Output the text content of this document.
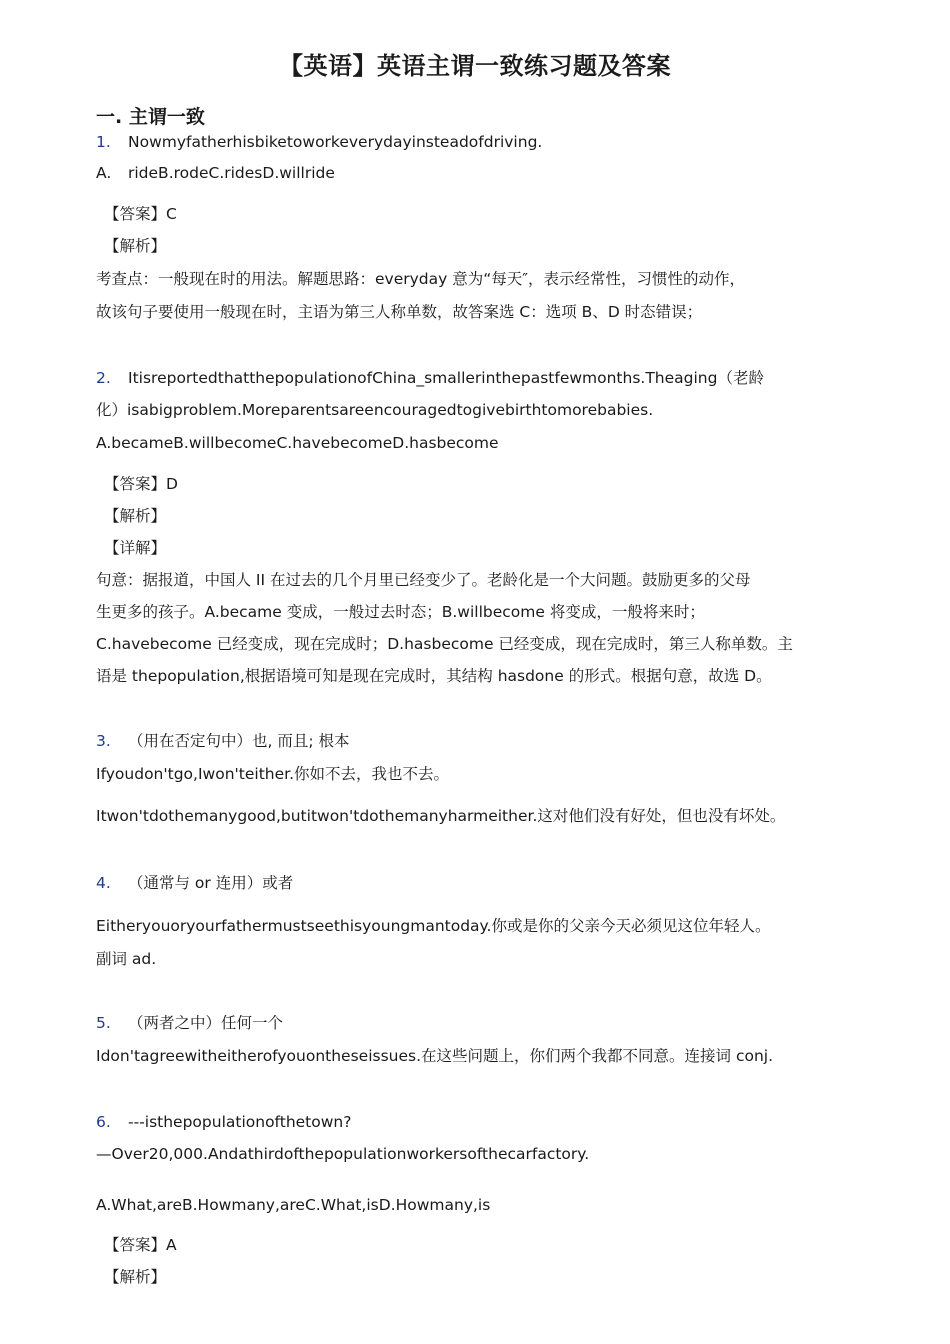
【英语】英语主谓一致练习题及答案
一. 主谓一致
1. Nowmyfatherhisbiketoworkeverydayinsteadofdriving.
A. rideB.rodeC.ridesD.willride
【答案】C
【解析】
考查点：一般现在时的用法。解题思路：everyday 意为“每天″，表示经常性，习惯性的动作，
故该句子要使用一般现在时，主语为第三人称单数，故答案选 C：选项 B、D 时态错误；
2. ItisreportedthatthepopulationofChina_smallerinthepastfewmonths.Theaging（老龄
化）isabigproblem.Moreparentsareencouragedtogivebirthtomorebabies.
A.becameB.willbecomeC.havebecomeD.hasbecome
【答案】D
【解析】
【详解】
句意：据报道，中国人 II 在过去的几个月里已经变少了。老龄化是一个大问题。鼓励更多的父母
生更多的孩子。A.became 变成，一般过去时态；B.willbecome 将变成，一般将来时；
C.havebecome 已经变成，现在完成时；D.hasbecome 已经变成，现在完成时，第三人称单数。主
语是 thepopulation,根据语境可知是现在完成时，其结构 hasdone 的形式。根据句意，故选 D。
3. （用在否定句中）也, 而且; 根本
Ifyoudon'tgo,Iwon'teither.你如不去，我也不去。
Itwon'tdothemanygood,butitwon'tdothemanyharmeither.这对他们没有好处，但也没有坏处。
4. （通常与 or 连用）或者
Eitheryouoryourfathermustseethisyoungmantoday.你或是你的父亲今天必须见这位年轻人。
副词 ad.
5. （两者之中）任何一个
Idon'tagreewitheitherofyouontheseissues.在这些问题上，你们两个我都不同意。连接词 conj.
6. ---isthepopulationofthetown?
—Over20,000.Andathirdofthepopulationworkersofthecarfactory.
A.What,areB.Howmany,areC.What,isD.Howmany,is
【答案】A
【解析】
